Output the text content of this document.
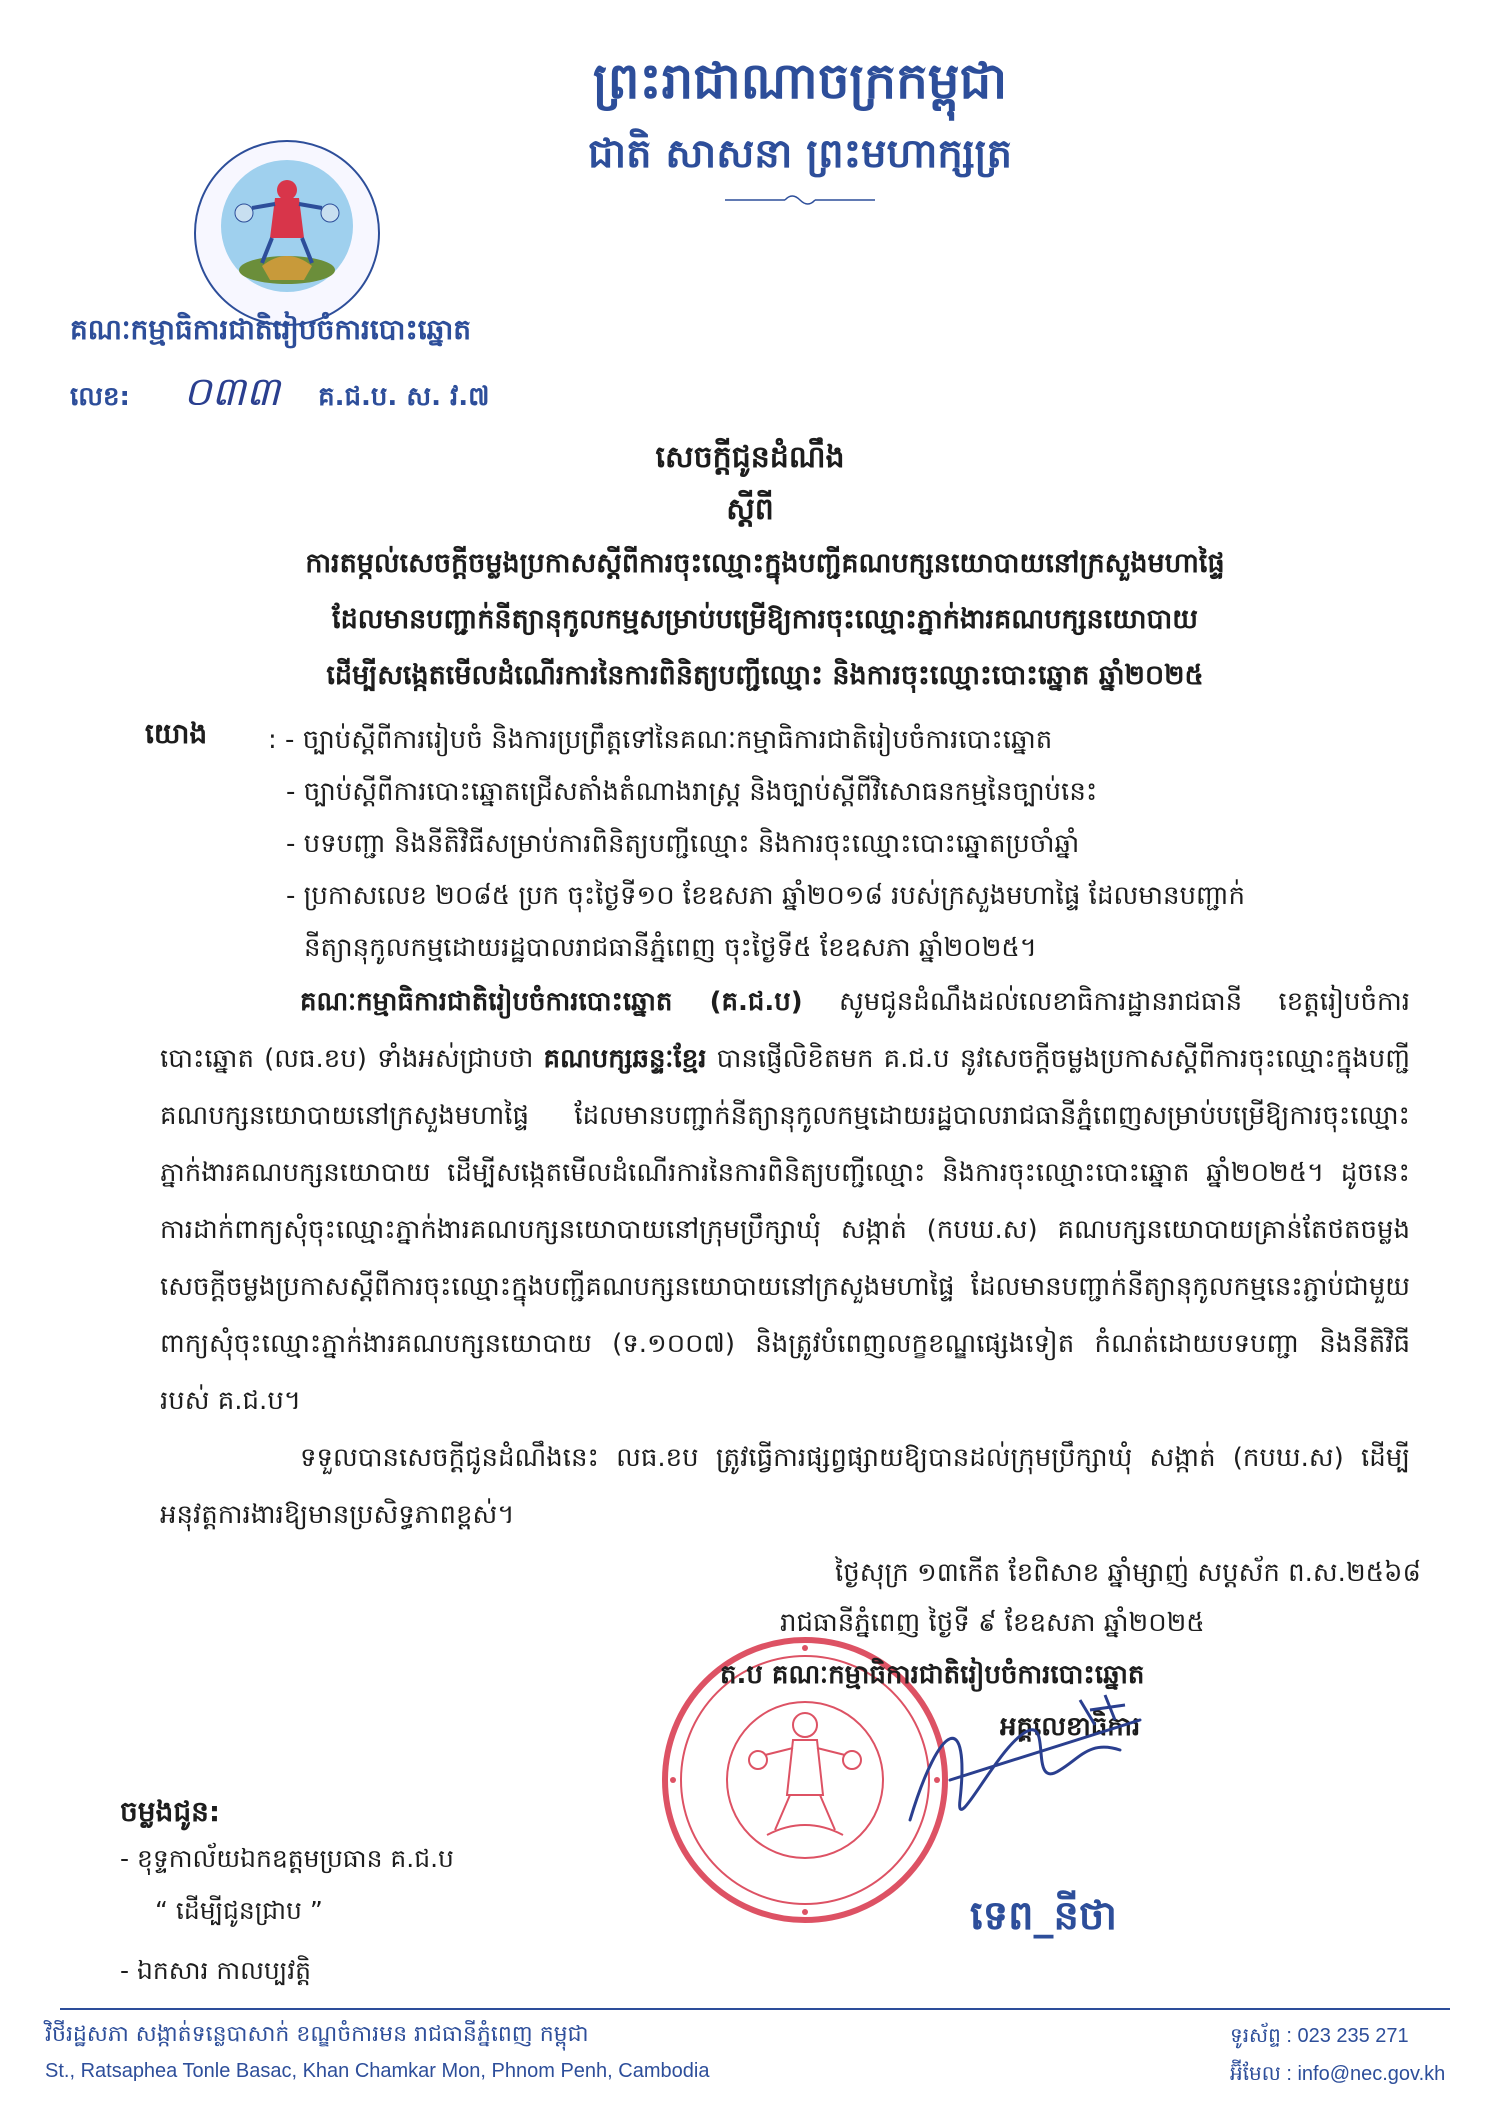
ព្រះរាជាណាចក្រកម្ពុជា
ជាតិ សាសនា ព្រះមហាក្សត្រ
គណៈកម្មាធិការជាតិរៀបចំការបោះឆ្នោត
លេខ: ០៣៣ គ.ជ.ប. ស. វ.៧
សេចក្តីជូនដំណឹង
ស្តីពី
ការតម្កល់សេចក្តីចម្លងប្រកាសស្តីពីការចុះឈ្មោះក្នុងបញ្ជីគណបក្សនយោបាយនៅក្រសួងមហាផ្ទៃ
ដែលមានបញ្ជាក់នីត្យានុកូលកម្មសម្រាប់បម្រើឱ្យការចុះឈ្មោះភ្នាក់ងារគណបក្សនយោបាយ
ដើម្បីសង្កេតមើលដំណើរការនៃការពិនិត្យបញ្ជីឈ្មោះ និងការចុះឈ្មោះបោះឆ្នោត ឆ្នាំ២០២៥
យោង : - ច្បាប់ស្តីពីការរៀបចំ និងការប្រព្រឹត្តទៅនៃគណៈកម្មាធិការជាតិរៀបចំការបោះឆ្នោត
- ច្បាប់ស្តីពីការបោះឆ្នោតជ្រើសតាំងតំណាងរាស្ត្រ និងច្បាប់ស្តីពីវិសោធនកម្មនៃច្បាប់នេះ
- បទបញ្ជា និងនីតិវិធីសម្រាប់ការពិនិត្យបញ្ជីឈ្មោះ និងការចុះឈ្មោះបោះឆ្នោតប្រចាំឆ្នាំ
- ប្រកាសលេខ ២០៨៥ ប្រក ចុះថ្ងៃទី១០ ខែឧសភា ឆ្នាំ២០១៨ របស់ក្រសួងមហាផ្ទៃ ដែលមានបញ្ជាក់
នីត្យានុកូលកម្មដោយរដ្ឋបាលរាជធានីភ្នំពេញ ចុះថ្ងៃទី៥ ខែឧសភា ឆ្នាំ២០២៥។

គណៈកម្មាធិការជាតិរៀបចំការបោះឆ្នោត (គ.ជ.ប) សូមជូនដំណឹងដល់លេខាធិការដ្ឋានរាជធានី ខេត្តរៀបចំការបោះឆ្នោត (លធ.ខប) ទាំងអស់ជ្រាបថា គណបក្សឆន្ទៈខ្មែរ បានផ្ញើលិខិតមក គ.ជ.ប នូវសេចក្តីចម្លងប្រកាសស្តីពីការចុះឈ្មោះក្នុងបញ្ជីគណបក្សនយោបាយនៅក្រសួងមហាផ្ទៃ ដែលមានបញ្ជាក់នីត្យានុកូលកម្មដោយរដ្ឋបាលរាជធានីភ្នំពេញសម្រាប់បម្រើឱ្យការចុះឈ្មោះភ្នាក់ងារគណបក្សនយោបាយ ដើម្បីសង្កេតមើលដំណើរការនៃការពិនិត្យបញ្ជីឈ្មោះ និងការចុះឈ្មោះបោះឆ្នោត ឆ្នាំ២០២៥។ ដូចនេះ ការដាក់ពាក្យសុំចុះឈ្មោះភ្នាក់ងារគណបក្សនយោបាយនៅក្រុមប្រឹក្សាឃុំ សង្កាត់ (កបឃ.ស) គណបក្សនយោបាយគ្រាន់តែថតចម្លងសេចក្តីចម្លងប្រកាសស្តីពីការចុះឈ្មោះក្នុងបញ្ជីគណបក្សនយោបាយនៅក្រសួងមហាផ្ទៃ ដែលមានបញ្ជាក់នីត្យានុកូលកម្មនេះភ្ជាប់ជាមួយពាក្យសុំចុះឈ្មោះភ្នាក់ងារគណបក្សនយោបាយ (ទ.១០០៧) និងត្រូវបំពេញលក្ខខណ្ឌផ្សេងទៀត កំណត់ដោយបទបញ្ជា និងនីតិវិធីរបស់ គ.ជ.ប។

ទទួលបានសេចក្តីជូនដំណឹងនេះ លធ.ខប ត្រូវធ្វើការផ្សព្វផ្សាយឱ្យបានដល់ក្រុមប្រឹក្សាឃុំ សង្កាត់ (កបឃ.ស) ដើម្បីអនុវត្តការងារឱ្យមានប្រសិទ្ធភាពខ្ពស់។

ថ្ងៃសុក្រ ១៣កើត ខែពិសាខ ឆ្នាំម្សាញ់ សប្តស័ក ព.ស.២៥៦៨
រាជធានីភ្នំពេញ ថ្ងៃទី ៩ ខែឧសភា ឆ្នាំ២០២៥
ត.ប គណៈកម្មាធិការជាតិរៀបចំការបោះឆ្នោត
អគ្គលេខាធិការ
ទេព_នីថា
ចម្លងជូន:
- ខុទ្ទកាល័យឯកឧត្តមប្រធាន គ.ជ.ប
“ ដើម្បីជូនជ្រាប ”
- ឯកសារ កាលប្បវត្តិ
វិថីរដ្ឋសភា សង្កាត់ទន្លេបាសាក់ ខណ្ឌចំការមន រាជធានីភ្នំពេញ កម្ពុជា
St., Ratsaphea Tonle Basac, Khan Chamkar Mon, Phnom Penh, Cambodia
ទូរស័ព្ទ : 023 235 271
អ៊ីមែល : info@nec.gov.kh
